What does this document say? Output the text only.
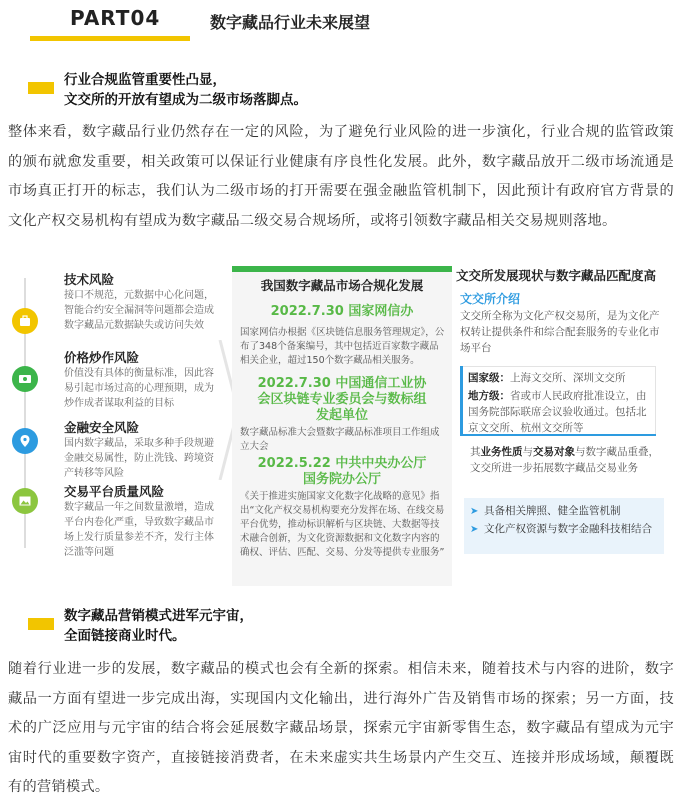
PART04	数字藏品行业未来展望
行业合规监管重要性凸显，
文交所的开放有望成为二级市场落脚点。
整体来看，数字藏品行业仍然存在一定的风险，为了避免行业风险的进一步演化，行业合规的监管政策的颁布就愈发重要，相关政策可以保证行业健康有序良性化发展。此外，数字藏品放开二级市场流通是市场真正打开的标志，我们认为二级市场的打开需要在强金融监管机制下，因此预计有政府官方背景的文化产权交易机构有望成为数字藏品二级交易合规场所，或将引领数字藏品相关交易规则落地。
技术风险
接口不规范，元数据中心化问题，智能合约安全漏洞等问题都会造成数字藏品元数据缺失或访问失效
价格炒作风险
价值没有具体的衡量标准，因此容易引起市场过高的心理预期，成为炒作成者谋取利益的目标
金融安全风险
国内数字藏品，采取多种手段规避金融交易属性，防止洗钱、跨境资产转移等风险
交易平台质量风险
数字藏品一年之间数量激增，造成平台内卷化严重，导致数字藏品市场上发行质量参差不齐，发行主体泛滥等问题
我国数字藏品市场合规化发展
2022.7.30 国家网信办
国家网信办根据《区块链信息服务管理规定》，公布了348个备案编号，其中包括近百家数字藏品相关企业，超过150个数字藏品相关服务。
2022.7.30 中国通信工业协会区块链专业委员会与数标组发起单位
数字藏品标准大会暨数字藏品标准项目工作组成立大会
2022.5.22 中共中央办公厅国务院办公厅
《关于推进实施国家文化数字化战略的意见》指出“文化产权交易机构要充分发挥在场、在线交易平台优势，推动标识解析与区块链、大数据等技术融合创新，为文化资源数据和文化数字内容的确权、评估、匹配、交易、分发等提供专业服务”
文交所发展现状与数字藏品匹配度高
文交所介绍
文交所全称为文化产权交易所，是为文化产权转让提供条件和综合配套服务的专业化市场平台
国家级：上海文交所、深圳文交所
地方级：省或市人民政府批准设立，由国务院部际联席会议验收通过。包括北京文交所、杭州文交所等
其业务性质与交易对象与数字藏品重叠，文交所进一步拓展数字藏品交易业务
➤ 具备相关牌照、健全监管机制
➤ 文化产权资源与数字金融科技相结合
数字藏品营销模式进军元宇宙，
全面链接商业时代。
随着行业进一步的发展，数字藏品的模式也会有全新的探索。相信未来，随着技术与内容的进阶，数字藏品一方面有望进一步完成出海，实现国内文化输出，进行海外广告及销售市场的探索；另一方面，技术的广泛应用与元宇宙的结合将会延展数字藏品场景，探索元宇宙新零售生态，数字藏品有望成为元宇宙时代的重要数字资产，直接链接消费者，在未来虚实共生场景内产生交互、连接并形成场域，颠覆既有的营销模式。
